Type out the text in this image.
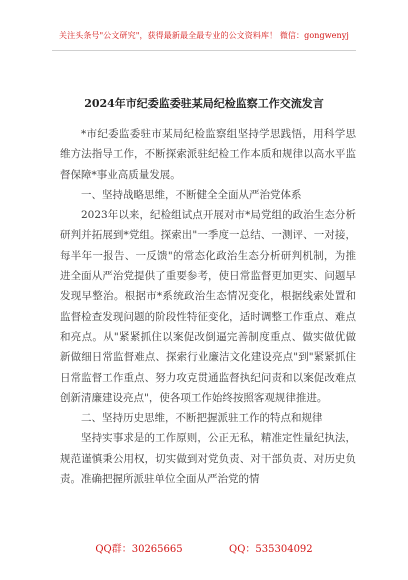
关注头条号"公文研究"，获得最新最全最专业的公文资料库！ 微信：gongwenyj
2024年市纪委监委驻某局纪检监察工作交流发言

*市纪委监委驻市某局纪检监察组坚持学思践悟，用科学思维方法指导工作，不断探索派驻纪检工作本质和规律以高水平监督保障*事业高质量发展。

一、坚持战略思维，不断健全全面从严治党体系

2023年以来，纪检组试点开展对市*局党组的政治生态分析研判并拓展到*党组。探索出"一季度一总结、一测评、一对接，每半年一报告、一反馈"的常态化政治生态分析研判机制，为推进全面从严治党提供了重要参考，使日常监督更加更实、问题早发现早整治。根据市*系统政治生态情况变化，根据线索处置和监督检查发现问题的阶段性特征变化，适时调整工作重点、难点和亮点。从"紧紧抓住以案促改倒逼完善制度重点、做实做优做新做细日常监督难点、探索行业廉洁文化建设亮点"到"紧紧抓住日常监督工作重点、努力攻克贯通监督执纪问责和以案促改难点创新清廉建设亮点"，使各项工作始终按照客观规律推进。

二、坚持历史思维，不断把握派驻工作的特点和规律

坚持实事求是的工作原则，公正无私，精准定性量纪执法，规范谨慎秉公用权，切实做到对党负责、对干部负责、对历史负责。准确把握所派驻单位全面从严治党的情

QQ群：30265665	QQ：535304092
